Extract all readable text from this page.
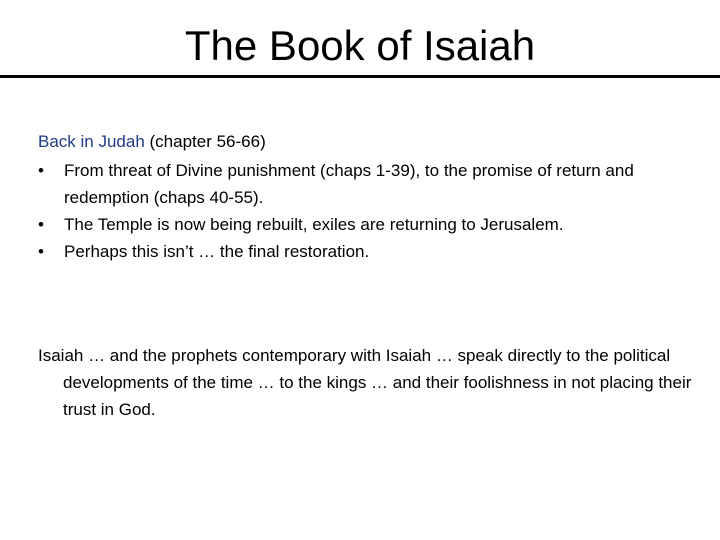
The Book of Isaiah
Back in Judah (chapter 56-66)
• From threat of Divine punishment (chaps 1-39), to the promise of return and redemption (chaps 40-55).
• The Temple is now being rebuilt, exiles are returning to Jerusalem.
• Perhaps this isn’t … the final restoration.

Isaiah … and the prophets contemporary with Isaiah … speak directly to the political developments of the time … to the kings … and their foolishness in not placing their trust in God.
